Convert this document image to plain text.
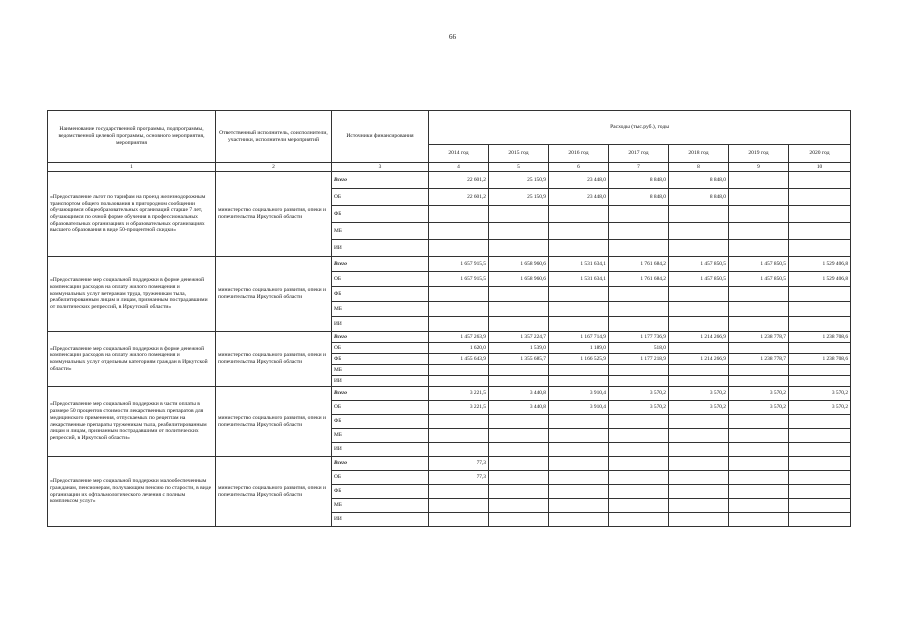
66
Наименование государственной программы, подпрограммы, ведомственной целевой программы, основного мероприятия, мероприятия	Ответственный исполнитель, соисполнители, участники, исполнители мероприятий	Источники финансирования	Расходы (тыс.руб.), годы						
			2014 год	2015 год	2016 год	2017 год	2018 год	2019 год	2020 год
1	2	3	4	5	6	7	8	9	10
«Предоставление льгот по тарифам на проезд железнодорожным транспортом общего пользования в пригородном сообщении обучающимся общеобразовательных организаций старше 7 лет, обучающимся по очной форме обучения в профессиональных образовательных организациях и образовательных организациях высшего образования в виде 50-процентной скидки»	министерство социального развития, опеки и попечительства Иркутской области	Всего	22 601,2	25 150,9	23 448,0	8 848,0	8 848,0		
		ОБ	22 601,2	25 150,9	23 448,0	8 848,0	8 848,0		
		ФБ							
		МБ							
		ИИ							
«Предоставление мер социальной поддержки в форме денежной компенсации расходов на оплату жилого помещения и коммунальных услуг ветеранам труда, труженикам тыла, реабилитированным лицам и лицам, признанным пострадавшими от политических репрессий, в Иркутской области»	министерство социального развития, опеки и попечительства Иркутской области	Всего	1 657 915,5	1 658 960,6	1 531 634,1	1 761 684,2	1 457 850,5	1 457 850,5	1 529 406,8
		ОБ	1 657 915,5	1 658 960,6	1 531 634,1	1 761 684,2	1 457 850,5	1 457 850,5	1 529 406,8
		ФБ							
		МБ							
		ИИ							
«Предоставление мер социальной поддержки в форме денежной компенсации расходов на оплату жилого помещения и коммунальных услуг отдельным категориям граждан в Иркутской области»	министерство социального развития, опеки и попечительства Иркутской области	Всего	1 457 263,9	1 357 224,7	1 167 714,9	1 177 736,9	1 214 266,9	1 238 778,7	1 238 708,6
		ОБ	1 620,0	1 539,0	1 189,0	518,0			
		ФБ	1 455 643,9	1 355 685,7	1 166 525,9	1 177 218,9	1 214 266,9	1 238 778,7	1 238 708,6
		МБ							
		ИИ							
«Предоставление мер социальной поддержки в части оплаты в размере 50 процентов стоимости лекарственных препаратов для медицинского применения, отпускаемых по рецептам на лекарственные препараты труженикам тыла, реабилитированным лицам и лицам, признанным пострадавшими от политических репрессий, в Иркутской области»	министерство социального развития, опеки и попечительства Иркутской области	Всего	3 221,5	3 440,8	3 910,4	3 570,2	3 570,2	3 570,2	3 570,2
		ОБ	3 221,5	3 440,8	3 910,4	3 570,2	3 570,2	3 570,2	3 570,2
		ФБ							
		МБ							
		ИИ							
«Предоставление мер социальной поддержки малообеспеченным гражданам, пенсионерам, получающим пенсию по старости, в виде организации их офтальмологического лечения с полным комплексом услуг»	министерство социального развития, опеки и попечительства Иркутской области	Всего	77,3						
		ОБ	77,3						
		ФБ							
		МБ							
		ИИ							
